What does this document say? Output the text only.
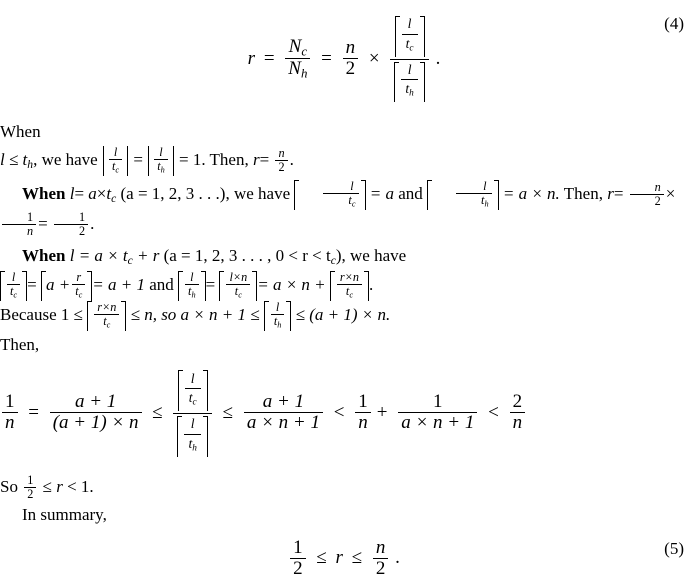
$r = \frac{N_c}{N_h} = \frac{n}{2} \times \frac{\frac{l}{t_c}}{\frac{l}{t_h}}$ .
(4)
When
$l \le t_h$, we have $\frac{l}{t_c} = \frac{l}{t_h} = 1$. Then, $r= \frac{n}{2}$ .
When $l= a\times t_c$ (a = 1, 2, 3 . . .), we have	$\frac{l}{t_c} = a$ and	$\frac{l}{t_h} = a \times n$. Then, $r= \frac{n}{2}$ ×
$\frac{1}{n} = \frac{1}{2}$ .
When $l = a \times t_c + r$ (a = 1, 2, 3 . . . , $0 < r < t_c$), we have
$\frac{l}{t_c} = a + \frac{r}{t_c} = a + 1$ and $\frac{l}{t_h} = \frac{l\times n}{t_c} = a \times n + \frac{r\times n}{t_c}$ .
Because $1 \le \frac{r\times n}{t_c} \le n$, so $a \times n + 1 \le \frac{l}{t_h} \le (a + 1) \times n$.
Then,
$\frac{1}{n} = \frac{a + 1}{(a + 1) \times n} \le \frac{\frac{l}{t_c}}{\frac{l}{t_h}} \le \frac{a + 1}{a \times n + 1} < \frac{1}{n} + \frac{1}{a \times n + 1} < \frac{2}{n}$
So $\frac{1}{2} \le r < 1$.
In summary,
$\frac{1}{2} \le r \le \frac{n}{2}$ .	(5)
